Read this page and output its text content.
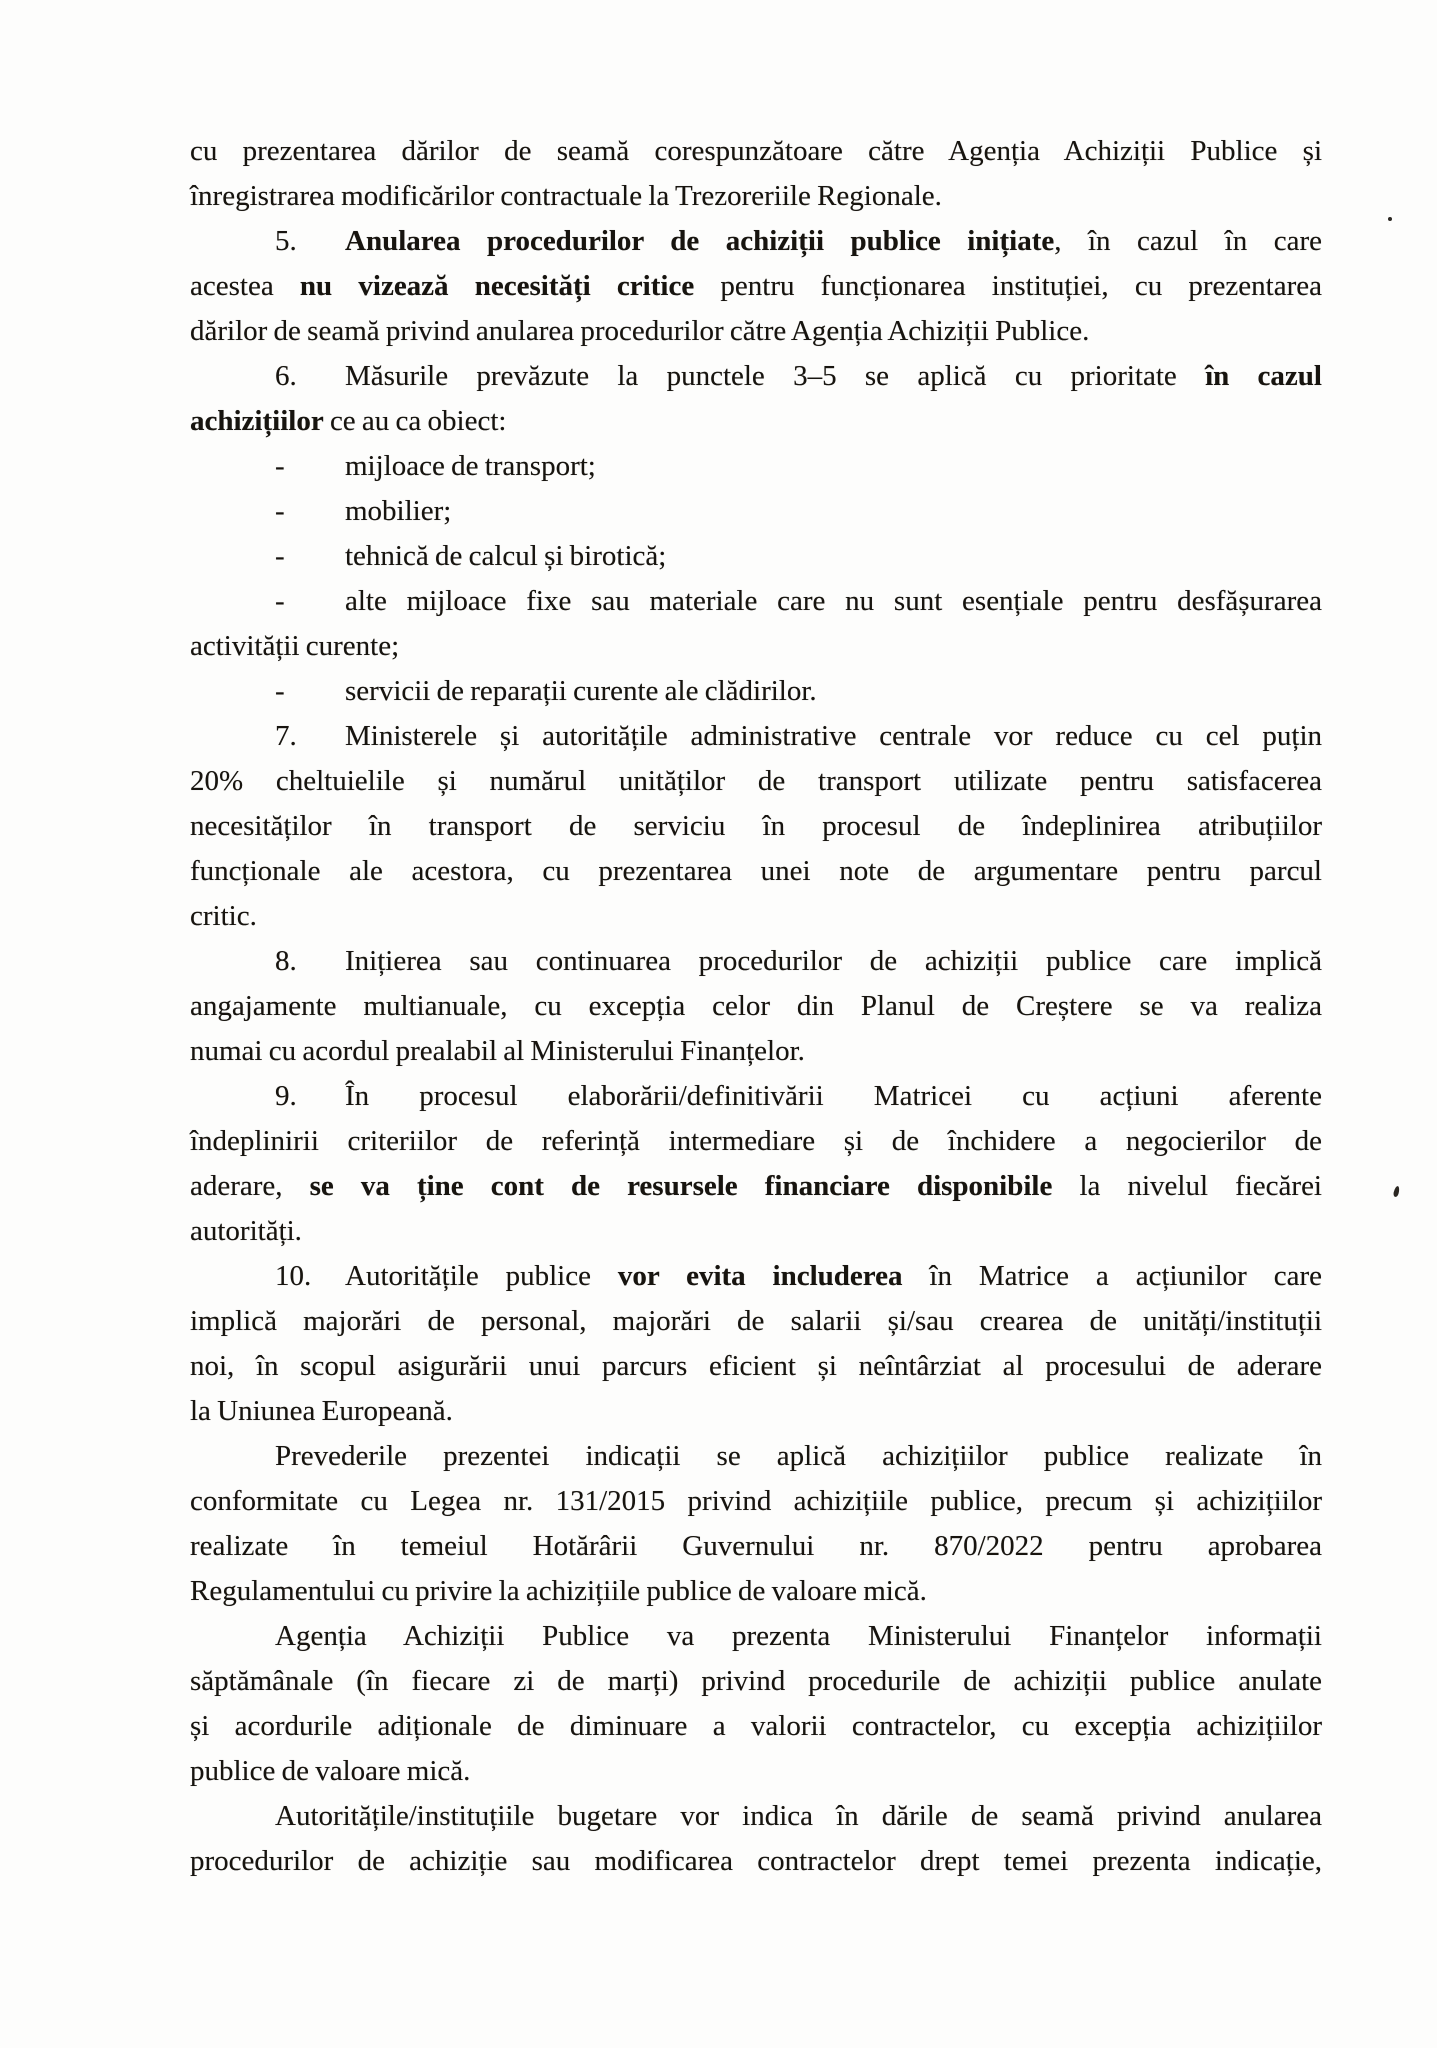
cu prezentarea dărilor de seamă corespunzătoare către Agenția Achiziții Publice și
înregistrarea modificărilor contractuale la Trezoreriile Regionale.
5. Anularea procedurilor de achiziții publice inițiate, în cazul în care
acestea nu vizează necesități critice pentru funcționarea instituției, cu prezentarea
dărilor de seamă privind anularea procedurilor către Agenția Achiziții Publice.
6. Măsurile prevăzute la punctele 3–5 se aplică cu prioritate în cazul
achizițiilor ce au ca obiect:
- mijloace de transport;
- mobilier;
- tehnică de calcul și birotică;
- alte mijloace fixe sau materiale care nu sunt esențiale pentru desfășurarea
activității curente;
- servicii de reparații curente ale clădirilor.
7. Ministerele și autoritățile administrative centrale vor reduce cu cel puțin
20% cheltuielile și numărul unităților de transport utilizate pentru satisfacerea
necesităților în transport de serviciu în procesul de îndeplinirea atribuțiilor
funcționale ale acestora, cu prezentarea unei note de argumentare pentru parcul
critic.
8. Inițierea sau continuarea procedurilor de achiziții publice care implică
angajamente multianuale, cu excepția celor din Planul de Creștere se va realiza
numai cu acordul prealabil al Ministerului Finanțelor.
9. În procesul elaborării/definitivării Matricei cu acțiuni aferente
îndeplinirii criteriilor de referință intermediare și de închidere a negocierilor de
aderare, se va ține cont de resursele financiare disponibile la nivelul fiecărei
autorități.
10. Autoritățile publice vor evita includerea în Matrice a acțiunilor care
implică majorări de personal, majorări de salarii și/sau crearea de unități/instituții
noi, în scopul asigurării unui parcurs eficient și neîntârziat al procesului de aderare
la Uniunea Europeană.
Prevederile prezentei indicații se aplică achizițiilor publice realizate în
conformitate cu Legea nr. 131/2015 privind achizițiile publice, precum și achizițiilor
realizate în temeiul Hotărârii Guvernului nr. 870/2022 pentru aprobarea
Regulamentului cu privire la achizițiile publice de valoare mică.
Agenția Achiziții Publice va prezenta Ministerului Finanțelor informații
săptămânale (în fiecare zi de marți) privind procedurile de achiziții publice anulate
și acordurile adiționale de diminuare a valorii contractelor, cu excepția achizițiilor
publice de valoare mică.
Autoritățile/instituțiile bugetare vor indica în dările de seamă privind anularea
procedurilor de achiziție sau modificarea contractelor drept temei prezenta indicație,
